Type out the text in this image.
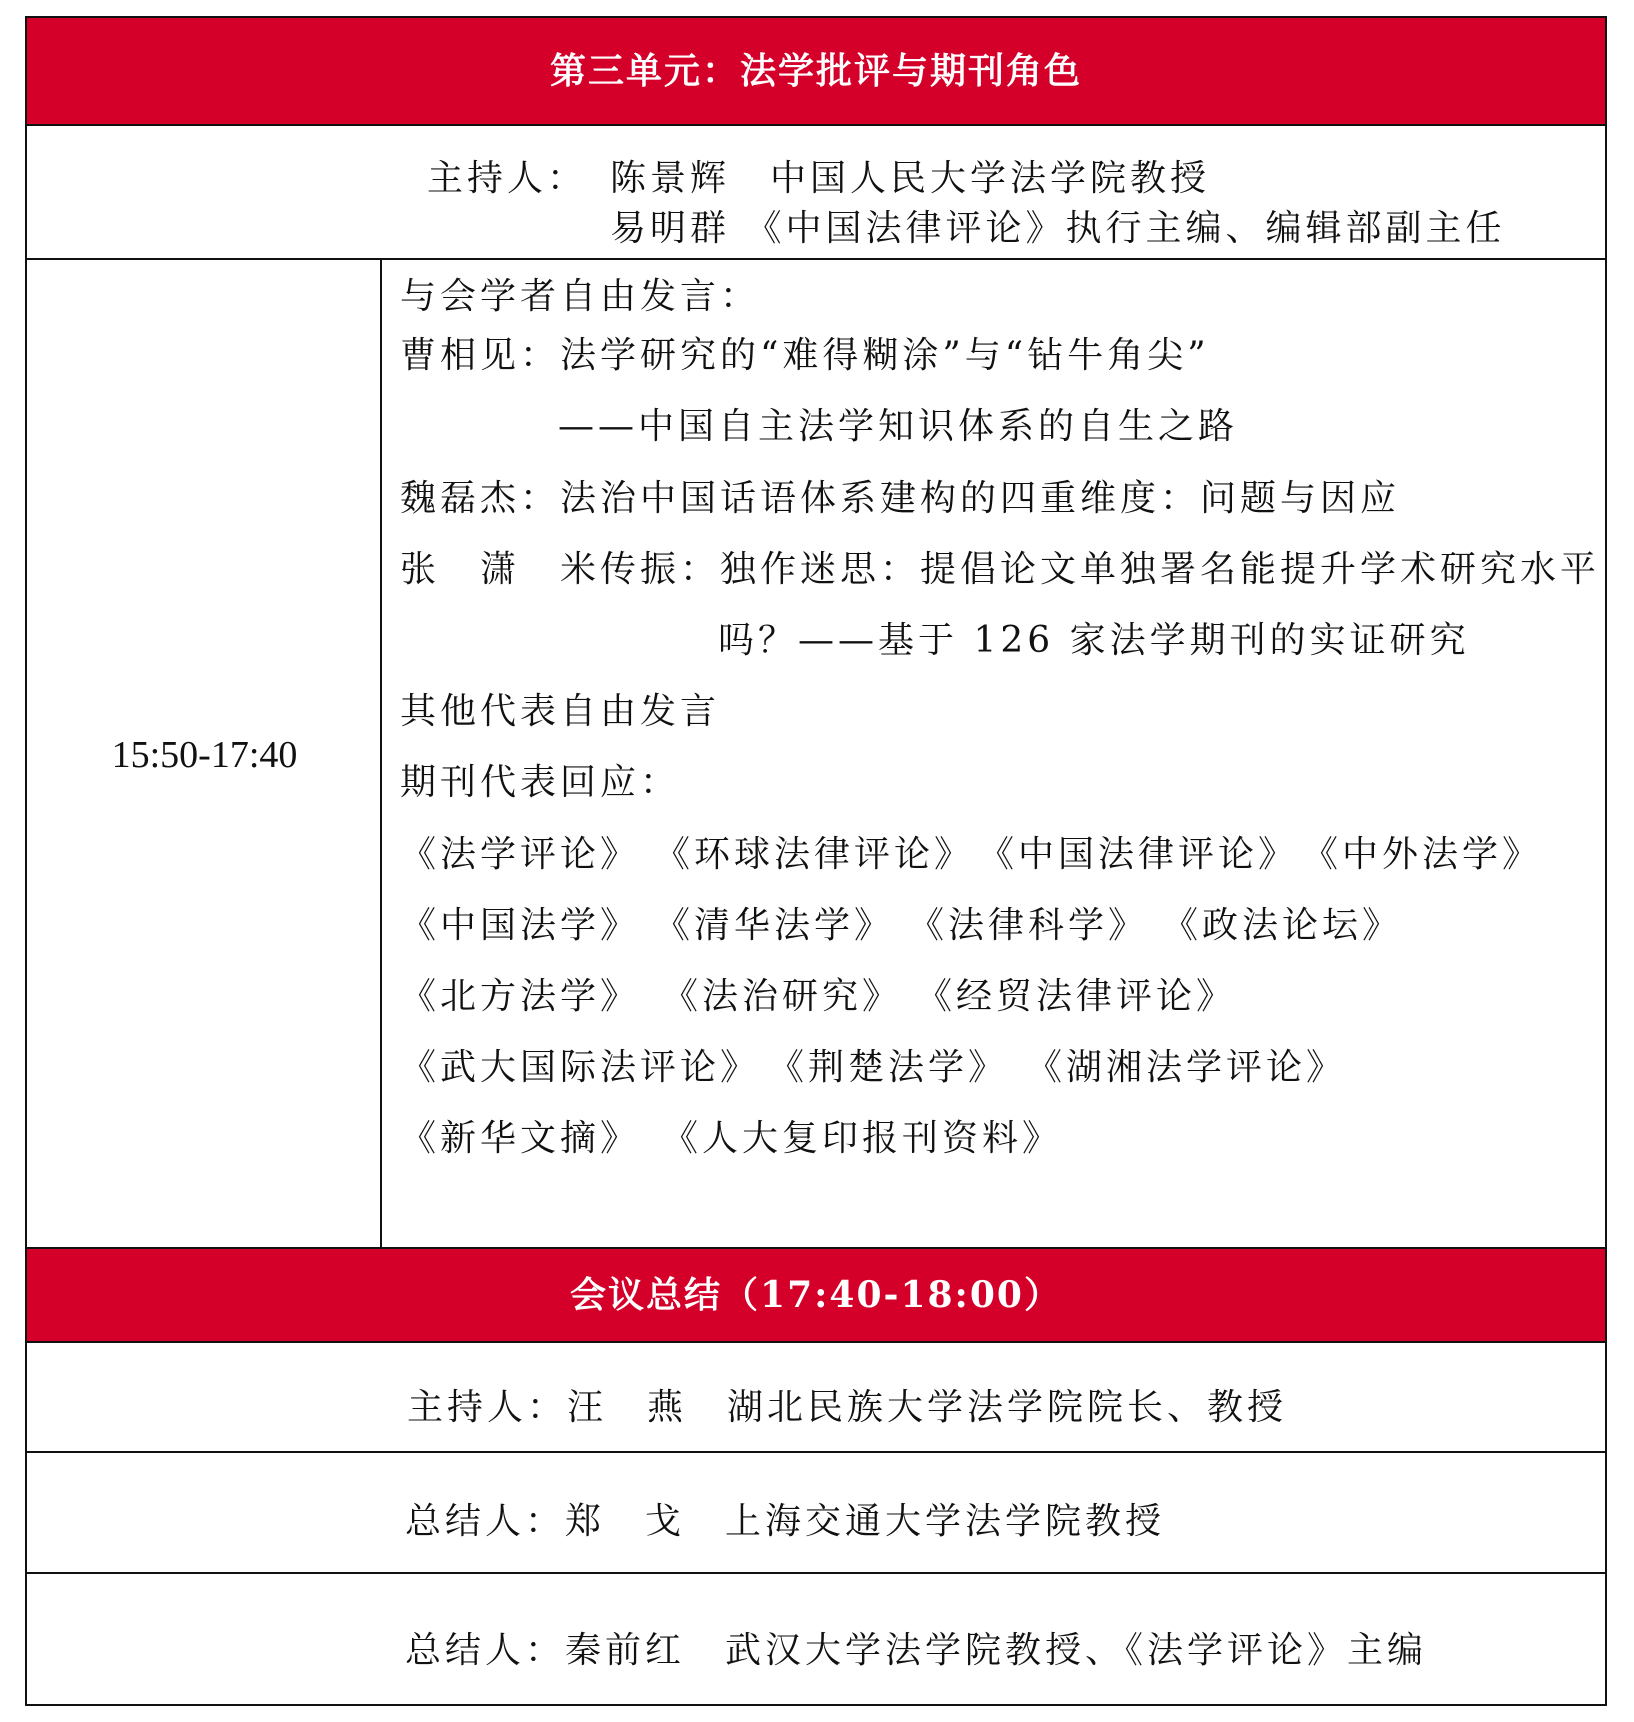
第三单元：法学批评与期刊角色
主持人： 陈景辉　中国人民大学法学院教授
易明群 《中国法律评论》执行主编、编辑部副主任
15:50-17:40
与会学者自由发言：
曹相见：法学研究的“难得糊涂”与“钻牛角尖”
——中国自主法学知识体系的自生之路
魏磊杰：法治中国话语体系建构的四重维度：问题与因应
张　潇　米传振：独作迷思：提倡论文单独署名能提升学术研究水平
吗？——基于 126 家法学期刊的实证研究
其他代表自由发言
期刊代表回应：
《法学评论》 《环球法律评论》 《中国法律评论》 《中外法学》
《中国法学》 《清华法学》 《法律科学》 《政法论坛》
《北方法学》 《法治研究》 《经贸法律评论》
《武大国际法评论》 《荆楚法学》 《湖湘法学评论》
《新华文摘》 《人大复印报刊资料》
会议总结（17:40-18:00）
主持人：汪　燕　湖北民族大学法学院院长、教授
总结人：郑　戈　上海交通大学法学院教授
总结人：秦前红　武汉大学法学院教授、《法学评论》主编
